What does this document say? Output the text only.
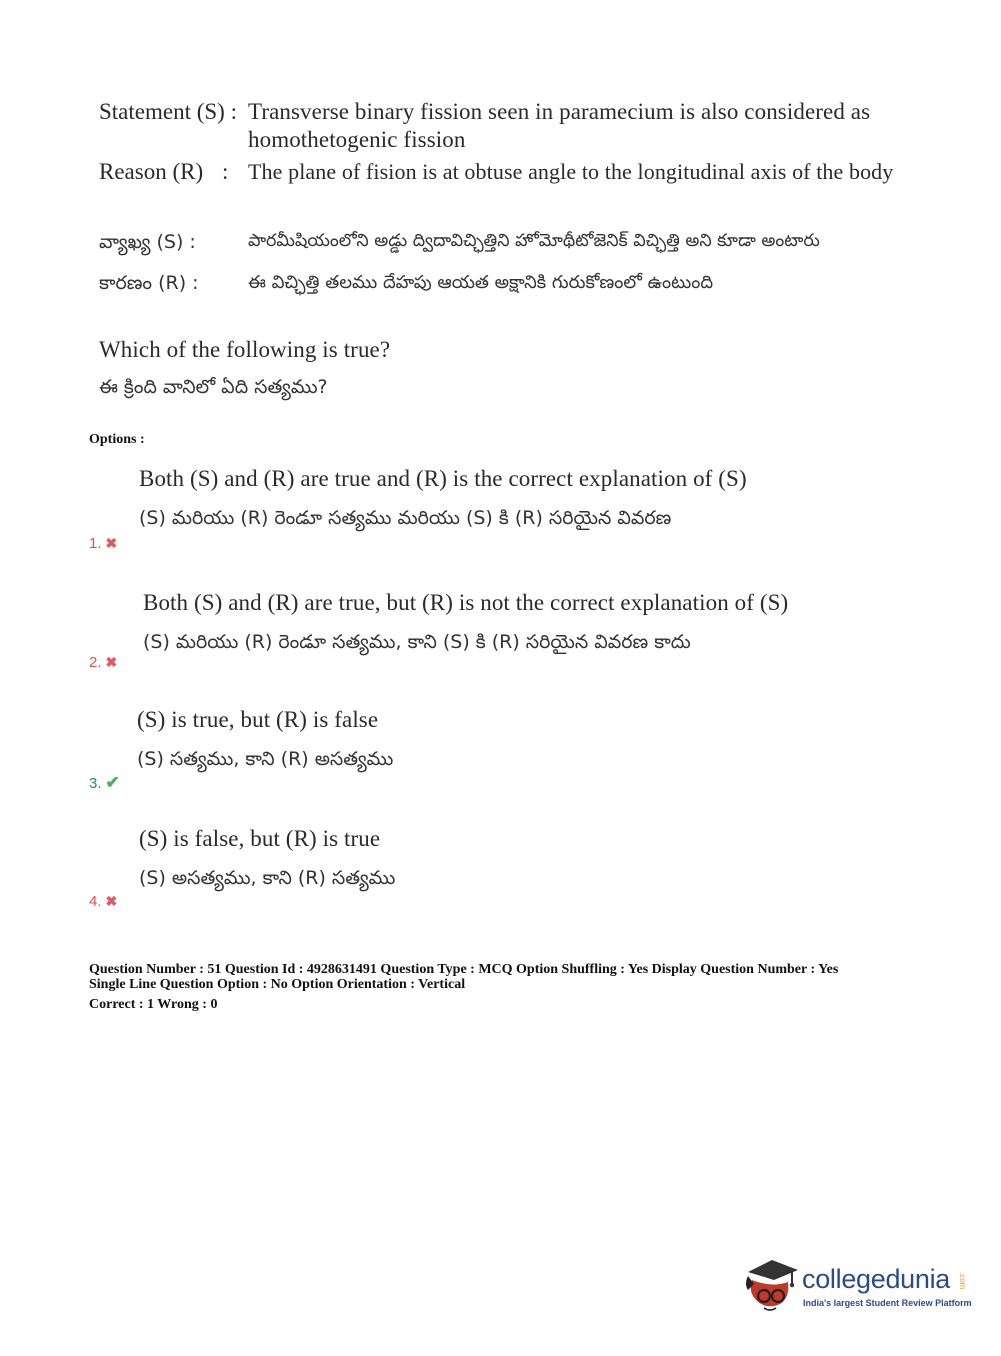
Statement (S) : Transverse binary fission seen in paramecium is also considered as
homothetogenic fission
Reason (R) : The plane of fision is at obtuse angle to the longitudinal axis of the body
వ్యాఖ్య (S) :	పారమీషియంలోని అడ్డు ద్విదావిచ్ఛిత్తిని హోమోథీటోజెనిక్ విచ్ఛిత్తి అని కూడా అంటారు
కారణం (R) :	ఈ విచ్ఛిత్తి తలము దేహపు ఆయత అక్షానికి గురుకోణంలో ఉంటుంది
Which of the following is true?
ఈ క్రింది వానిలో ఏది సత్యము?
Options :
Both (S) and (R) are true and (R) is the correct explanation of (S)
(S) మరియు (R) రెండూ సత్యము మరియు (S) కి (R) సరియైన వివరణ
1. ✖
Both (S) and (R) are true, but (R) is not the correct explanation of (S)
(S) మరియు (R) రెండూ సత్యము, కాని (S) కి (R) సరియైన వివరణ కాదు
2. ✖
(S) is true, but (R) is false
(S) సత్యము, కాని (R) అసత్యము
3. ✔
(S) is false, but (R) is true
(S) అసత్యము, కాని (R) సత్యము
4. ✖
Question Number : 51 Question Id : 4928631491 Question Type : MCQ Option Shuffling : Yes Display Question Number : Yes
Single Line Question Option : No Option Orientation : Vertical
Correct : 1 Wrong : 0
collegedunia .com
India's largest Student Review Platform
